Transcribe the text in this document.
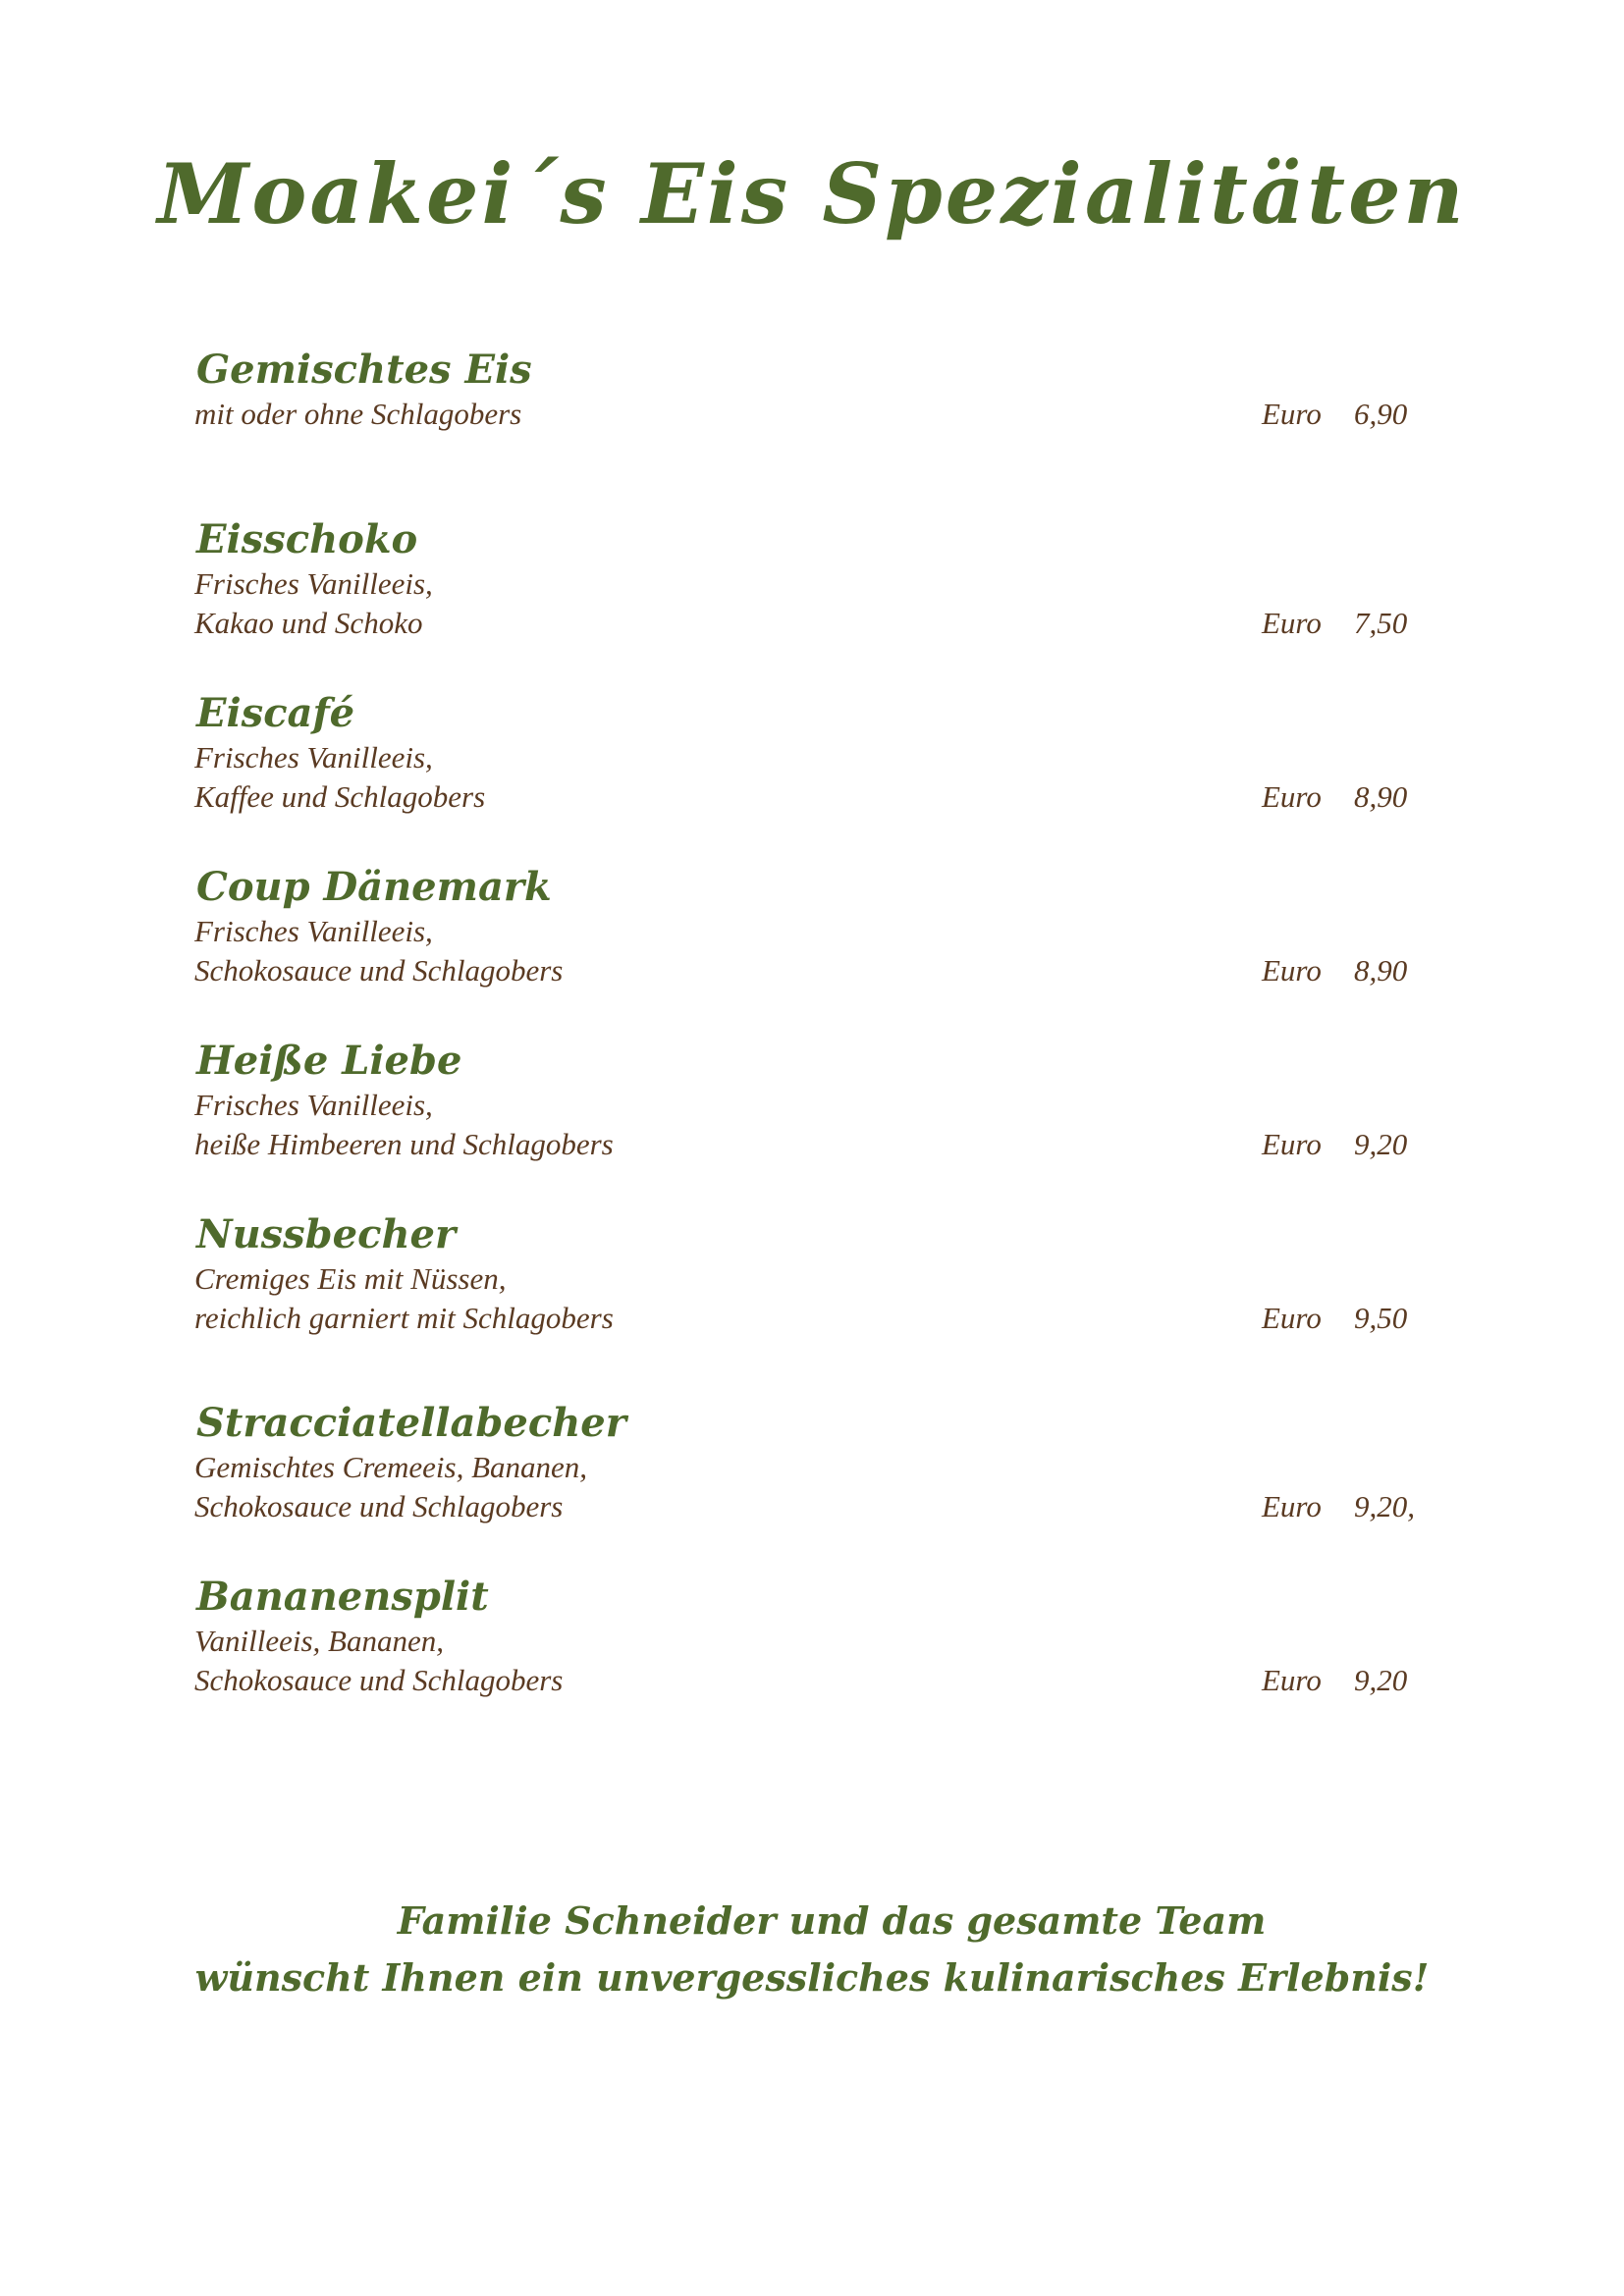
Moakei´s Eis Spezialitäten
Gemischtes Eis
mit oder ohne Schlagobers	Euro 6,90
Eisschoko
Frisches Vanilleeis,
Kakao und Schoko	Euro 7,50
Eiscafé
Frisches Vanilleeis,
Kaffee und Schlagobers	Euro 8,90
Coup Dänemark
Frisches Vanilleeis,
Schokosauce und Schlagobers	Euro 8,90
Heiße Liebe
Frisches Vanilleeis,
heiße Himbeeren und Schlagobers	Euro 9,20
Nussbecher
Cremiges Eis mit Nüssen,
reichlich garniert mit Schlagobers	Euro 9,50
Stracciatellabecher
Gemischtes Cremeeis, Bananen,
Schokosauce und Schlagobers	Euro 9,20,
Bananensplit
Vanilleeis, Bananen,
Schokosauce und Schlagobers	Euro 9,20
Familie Schneider und das gesamte Team
wünscht Ihnen ein unvergessliches kulinarisches Erlebnis!
